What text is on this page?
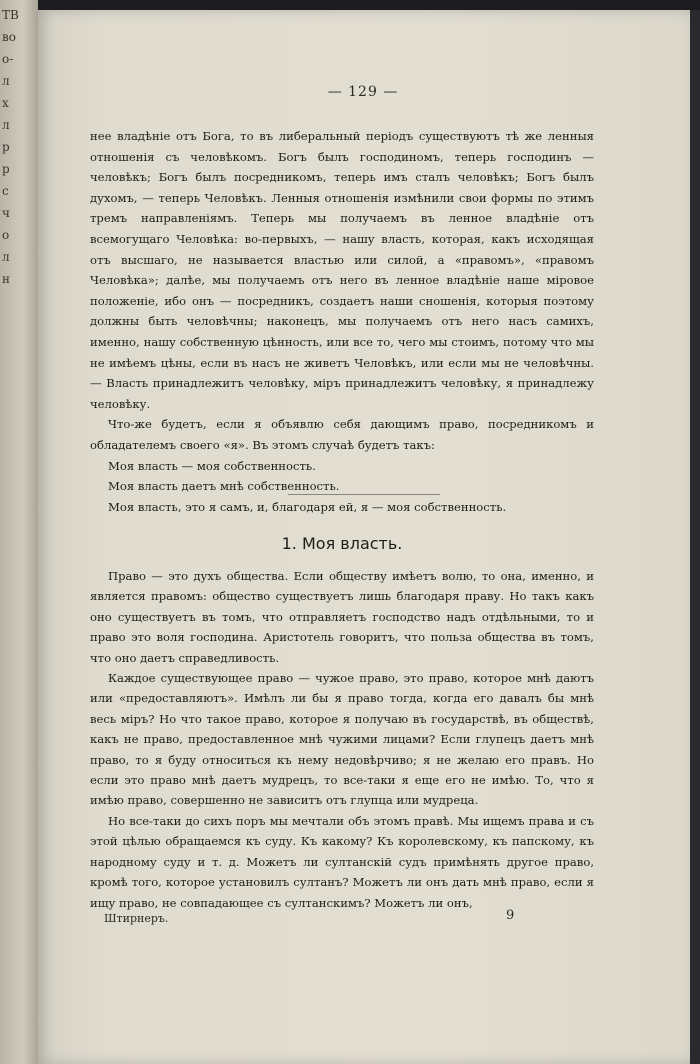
ТВ
во
о-
л
х
л
р
р
с
ч
о
л
н
— 129 —

нее владѣніе отъ Бога, то въ либеральный періодъ существуютъ тѣ же ленныя отношенія съ человѣкомъ. Богъ былъ господиномъ, теперь господинъ — человѣкъ; Богъ былъ посредникомъ, теперь имъ сталъ человѣкъ; Богъ былъ духомъ, — теперь Человѣкъ. Ленныя отношенія измѣнили свои формы по этимъ тремъ направленіямъ. Теперь мы получаемъ въ ленное владѣніе отъ всемогущаго Человѣка: во-первыхъ, — нашу власть, которая, какъ исходящая отъ высшаго, не называется властью или силой, а «правомъ», «правомъ Человѣка»; далѣе, мы получаемъ отъ него въ ленное владѣніе наше міровое положеніе, ибо онъ — посредникъ, создаетъ наши сношенія, которыя поэтому должны быть человѣчны; наконецъ, мы получаемъ отъ него насъ самихъ, именно, нашу собственную цѣнность, или все то, чего мы стоимъ, потому что мы не имѣемъ цѣны, если въ насъ не живетъ Человѣкъ, или если мы не человѣчны. — Власть принадлежитъ человѣку, міръ принадлежитъ человѣку, я принадлежу человѣку.

Что-же будетъ, если я объявлю себя дающимъ право, посредникомъ и обладателемъ своего «я». Въ этомъ случаѣ будетъ такъ:

Моя власть — моя собственность.

Моя власть даетъ мнѣ собственность.

Моя власть, это я самъ, и, благодаря ей, я — моя собственность.

1. Моя власть.

Право — это духъ общества. Если обществу имѣетъ волю, то она, именно, и является правомъ: общество существуетъ лишь благодаря праву. Но такъ какъ оно существуетъ въ томъ, что отправляетъ господство надъ отдѣльными, то и право это воля господина. Аристотель говоритъ, что польза общества въ томъ, что оно даетъ справедливость.

Каждое существующее право — чужое право, это право, которое мнѣ даютъ или «предоставляютъ». Имѣлъ ли бы я право тогда, когда его давалъ бы мнѣ весь міръ? Но что такое право, которое я получаю въ государствѣ, въ обществѣ, какъ не право, предоставленное мнѣ чужими лицами? Если глупецъ даетъ мнѣ право, то я буду относиться къ нему недовѣрчиво; я не желаю его правъ. Но если это право мнѣ даетъ мудрецъ, то все-таки я еще его не имѣю. То, что я имѣю право, совершенно не зависитъ отъ глупца или мудреца.

Но все-таки до сихъ поръ мы мечтали объ этомъ правѣ. Мы ищемъ права и съ этой цѣлью обращаемся къ суду. Къ какому? Къ королевскому, къ папскому, къ народному суду и т. д. Можетъ ли султанскій судъ примѣнять другое право, кромѣ того, которое установилъ султанъ? Можетъ ли онъ дать мнѣ право, если я ищу право, не совпадающее съ султанскимъ? Можетъ ли онъ,

Штирнеръ.	9
